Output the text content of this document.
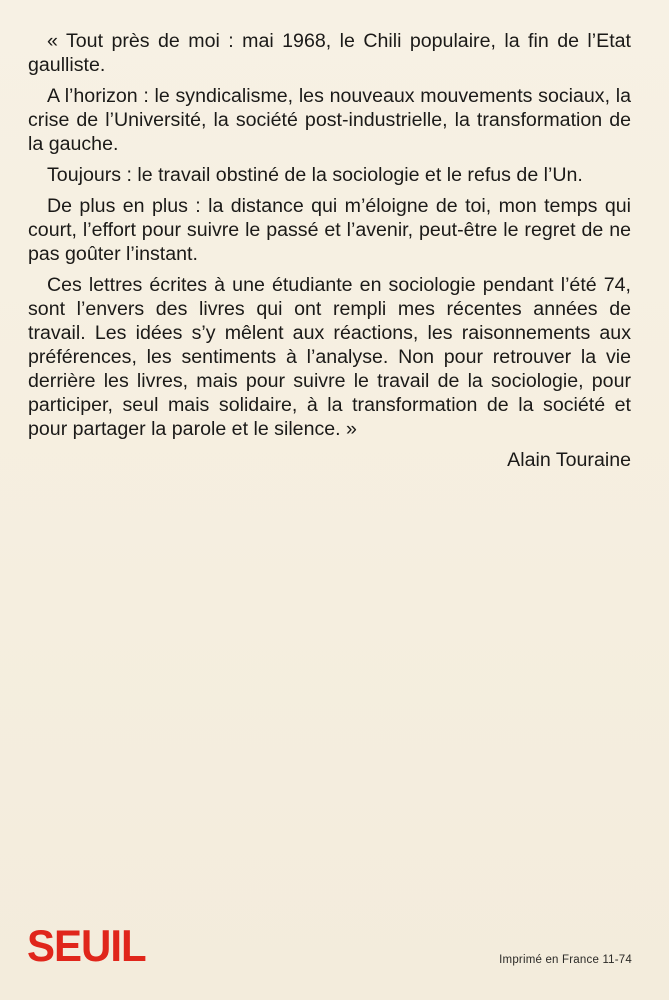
« Tout près de moi : mai 1968, le Chili populaire, la fin de l’Etat gaulliste.

A l’horizon : le syndicalisme, les nouveaux mouvements sociaux, la crise de l’Université, la société post-industrielle, la transformation de la gauche.

Toujours : le travail obstiné de la sociologie et le refus de l’Un.

De plus en plus : la distance qui m’éloigne de toi, mon temps qui court, l’effort pour suivre le passé et l’avenir, peut-être le regret de ne pas goûter l’instant.

Ces lettres écrites à une étudiante en sociologie pendant l’été 74, sont l’envers des livres qui ont rempli mes récentes années de travail. Les idées s’y mêlent aux réactions, les raisonnements aux préférences, les sentiments à l’analyse. Non pour retrouver la vie derrière les livres, mais pour suivre le travail de la sociologie, pour participer, seul mais solidaire, à la transformation de la société et pour partager la parole et le silence. »

Alain Touraine

SEUIL	Imprimé en France 11-74
